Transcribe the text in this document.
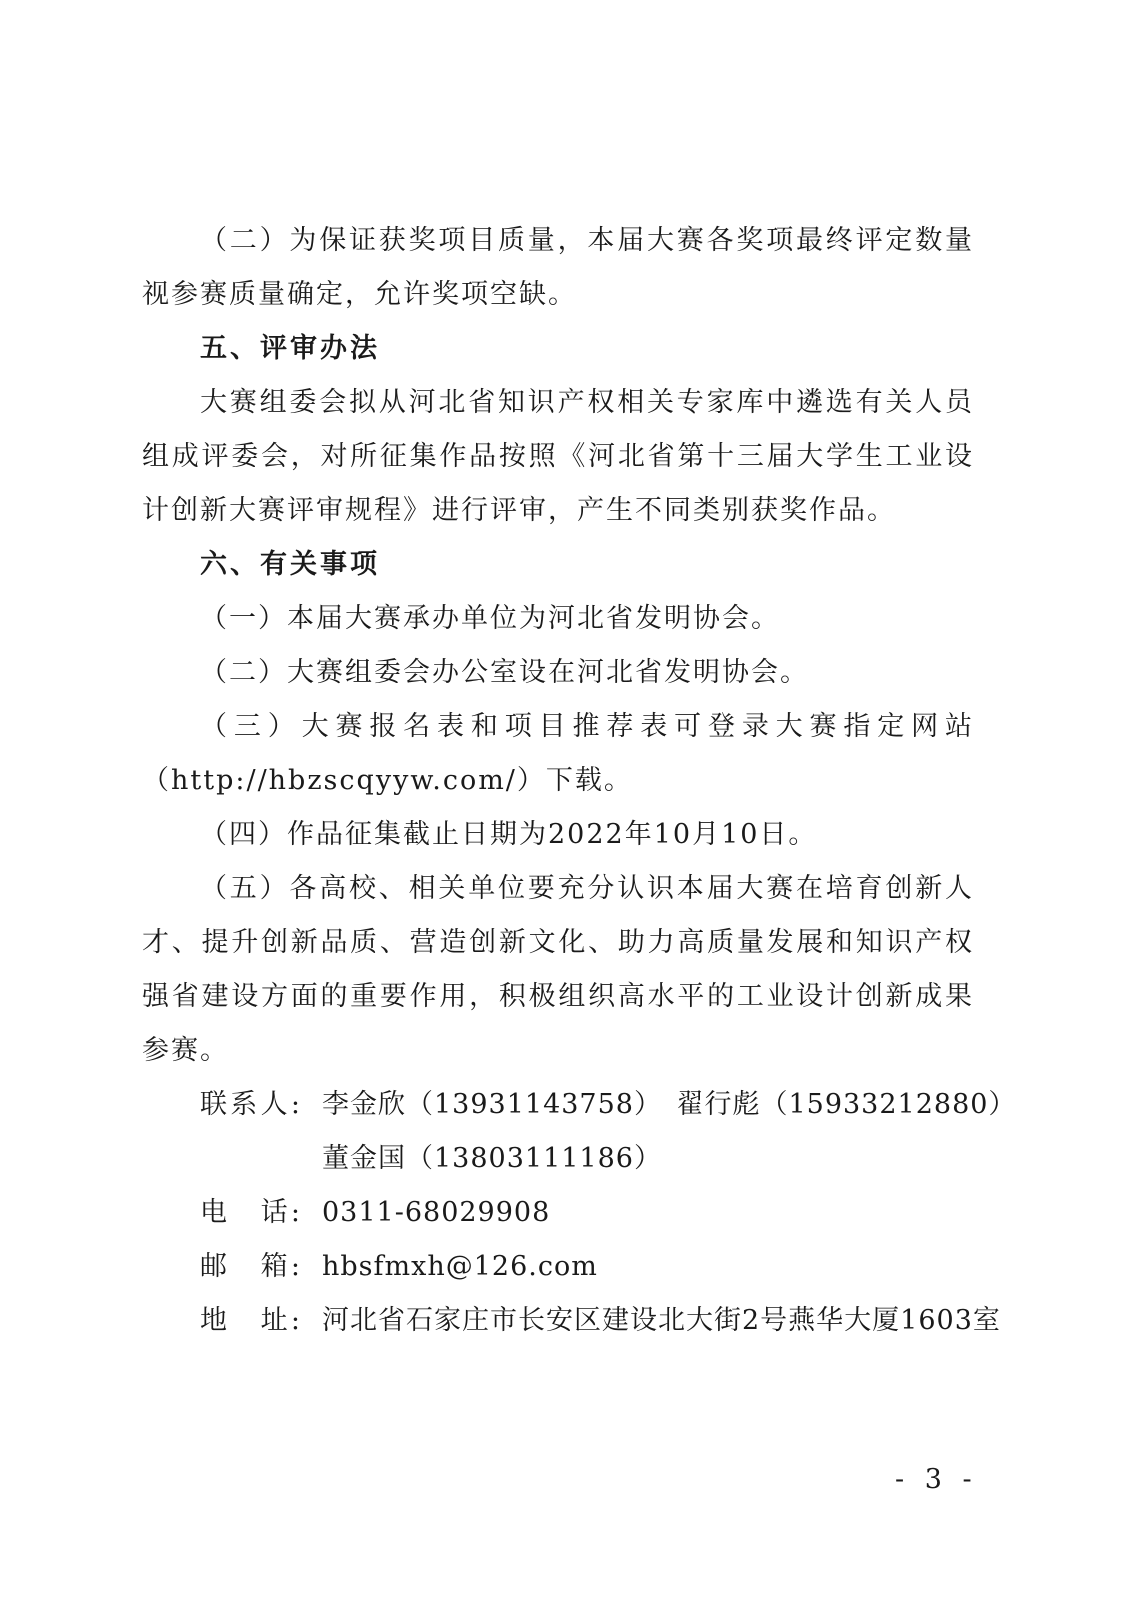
（二）为保证获奖项目质量，本届大赛各奖项最终评定数量
视参赛质量确定，允许奖项空缺。
五、评审办法
大赛组委会拟从河北省知识产权相关专家库中遴选有关人员
组成评委会，对所征集作品按照《河北省第十三届大学生工业设
计创新大赛评审规程》进行评审，产生不同类别获奖作品。
六、有关事项
（一）本届大赛承办单位为河北省发明协会。
（二）大赛组委会办公室设在河北省发明协会。
（三）大赛报名表和项目推荐表可登录大赛指定网站
（http://hbzscqyyw.com/）下载。
（四）作品征集截止日期为2022年10月10日。
（五）各高校、相关单位要充分认识本届大赛在培育创新人
才、提升创新品质、营造创新文化、助力高质量发展和知识产权
强省建设方面的重要作用，积极组织高水平的工业设计创新成果
参赛。
联系人: 李金欣（13931143758）　翟行彪（15933212880）
董金国（13803111186）
电　话: 0311-68029908
邮　箱: hbsfmxh@126.com
地　址: 河北省石家庄市长安区建设北大街2号燕华大厦1603室
- 3 -
